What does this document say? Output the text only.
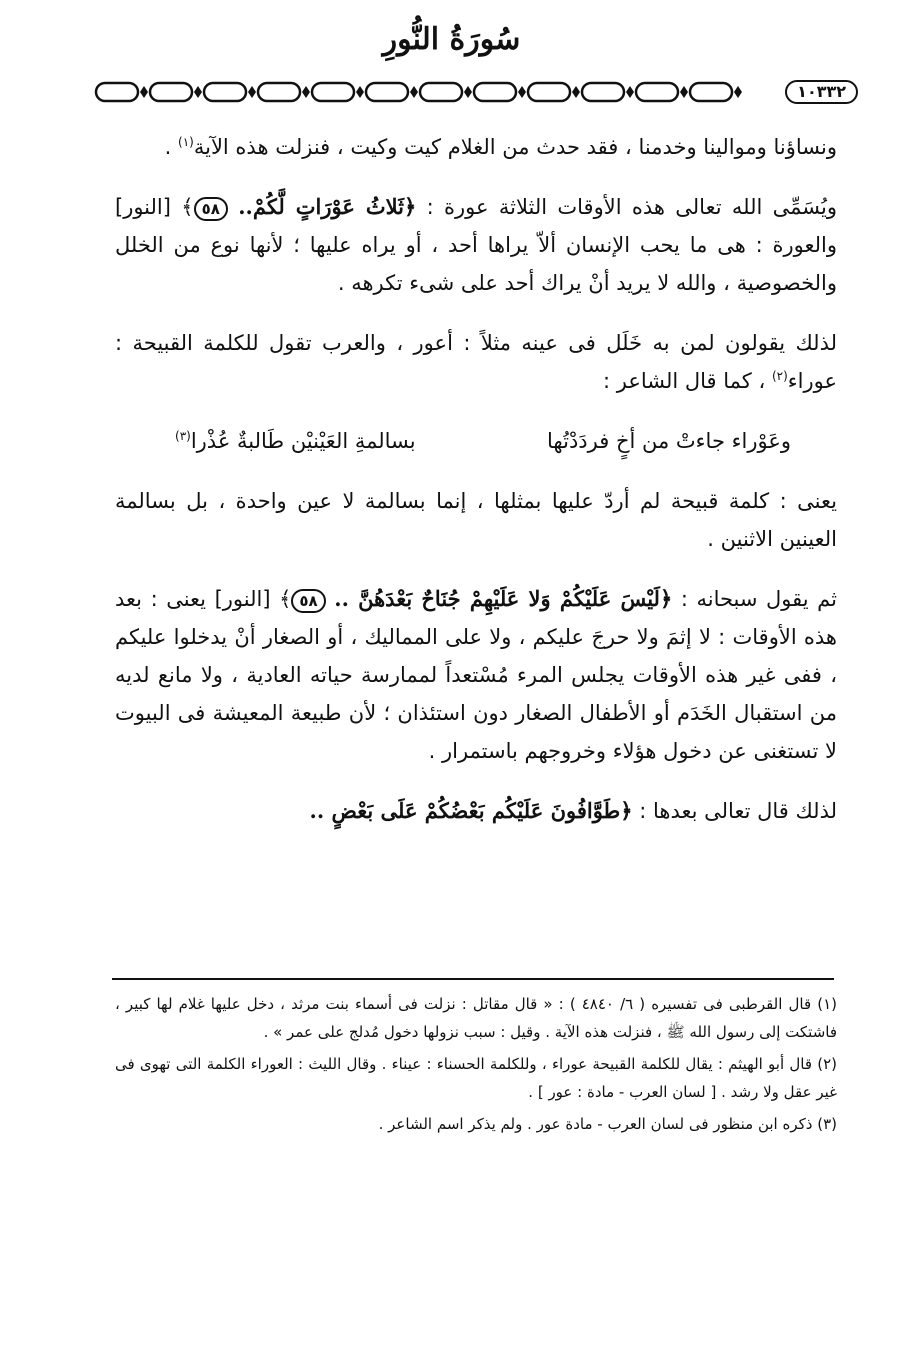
سُورَةُ النُّورِ
١٠٣٣٢

ونساؤنا وموالينا وخدمنا ، فقد حدث من الغلام كيت وكيت ، فنزلت هذه الآية$^{(١)}$ .

ويُسَمِّى الله تعالى هذه الأوقات الثلاثة عورة : ﴿ثَلاثُ عَوْرَاتٍ لَّكُمْ.. ٥٨﴾ [النور] والعورة : هى ما يحب الإنسان ألاّ يراها أحد ، أو يراه عليها ؛ لأنها نوع من الخلل والخصوصية ، والله لا يريد أنْ يراك أحد على شىء تكرهه .

لذلك يقولون لمن به خَلَل فى عينه مثلاً : أعور ، والعرب تقول للكلمة القبيحة : عوراء$^{(٢)}$ ، كما قال الشاعر :

وعَوْراء جاءتْ من أخٍ فردَدْتُها
بسالمةِ العَيْنيْن طَالبةٌ عُذْرا$^{(٣)}$

يعنى : كلمة قبيحة لم أردّ عليها بمثلها ، إنما بسالمة لا عين واحدة ، بل بسالمة العينين الاثنين .

ثم يقول سبحانه : ﴿لَيْسَ عَلَيْكُمْ وَلا عَلَيْهِمْ جُنَاحٌ بَعْدَهُنَّ .. ٥٨﴾ [النور] يعنى : بعد هذه الأوقات : لا إثمَ ولا حرجَ عليكم ، ولا على المماليك ، أو الصغار أنْ يدخلوا عليكم ، ففى غير هذه الأوقات يجلس المرء مُسْتعداً لممارسة حياته العادية ، ولا مانع لديه من استقبال الخَدَم أو الأطفال الصغار دون استئذان ؛ لأن طبيعة المعيشة فى البيوت لا تستغنى عن دخول هؤلاء وخروجهم باستمرار .

لذلك قال تعالى بعدها : ﴿طَوَّافُونَ عَلَيْكُم بَعْضُكُمْ عَلَى بَعْضٍ ..

(١) قال القرطبى فى تفسيره ( ٦/ ٤٨٤٠ ) : « قال مقاتل : نزلت فى أسماء بنت مرثد ، دخل عليها غلام لها كبير ، فاشتكت إلى رسول الله ﷺ ، فنزلت هذه الآية . وقيل : سبب نزولها دخول مُدلج على عمر » .

(٢) قال أبو الهيثم : يقال للكلمة القبيحة عوراء ، وللكلمة الحسناء : عيناء . وقال الليث : العوراء الكلمة التى تهوى فى غير عقل ولا رشد . [ لسان العرب - مادة : عور ] .

(٣) ذكره ابن منظور فى لسان العرب - مادة عور . ولم يذكر اسم الشاعر .
